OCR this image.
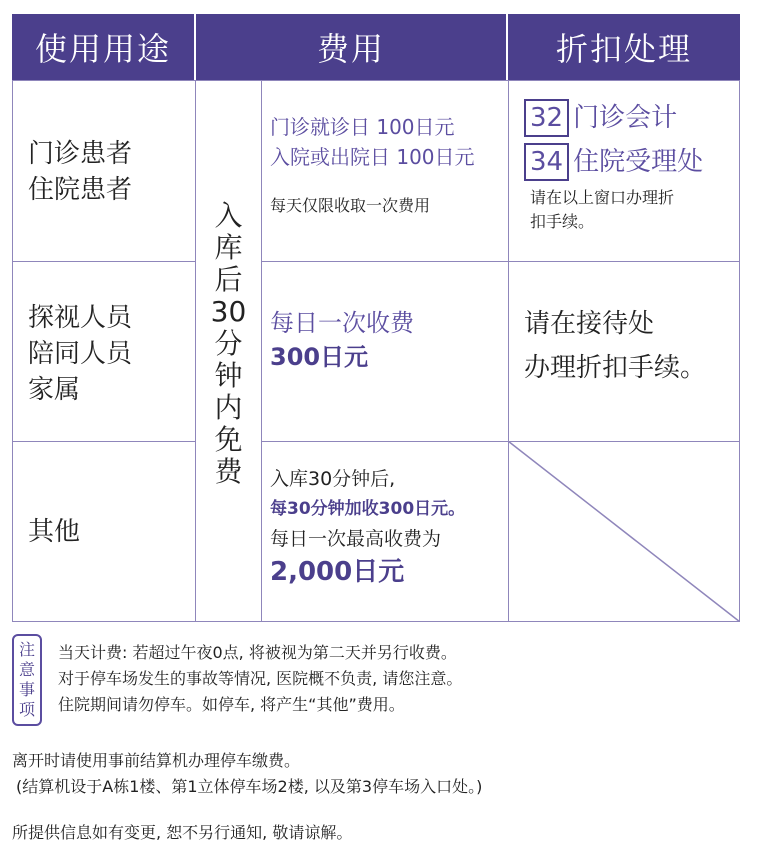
使用用途	费用	折扣处理
门诊患者
住院患者
探视人员
陪同人员
家属
其他
入
库
后
30
分
钟
内
免
费
门诊就诊日 100日元
入院或出院日 100日元
每天仅限收取一次费用
每日一次收费
300日元
入库30分钟后,
每30分钟加收300日元。
每日一次最高收费为
2,000日元
32 门诊会计
34 住院受理处
请在以上窗口办理折
扣手续。
请在接待处
办理折扣手续。
注
意
事
项
当天计费: 若超过午夜0点, 将被视为第二天并另行收费。
对于停车场发生的事故等情况, 医院概不负责, 请您注意。
住院期间请勿停车。如停车, 将产生“其他”费用。
离开时请使用事前结算机办理停车缴费。
(结算机设于A栋1楼、第1立体停车场2楼, 以及第3停车场入口处。)
所提供信息如有变更, 恕不另行通知, 敬请谅解。
